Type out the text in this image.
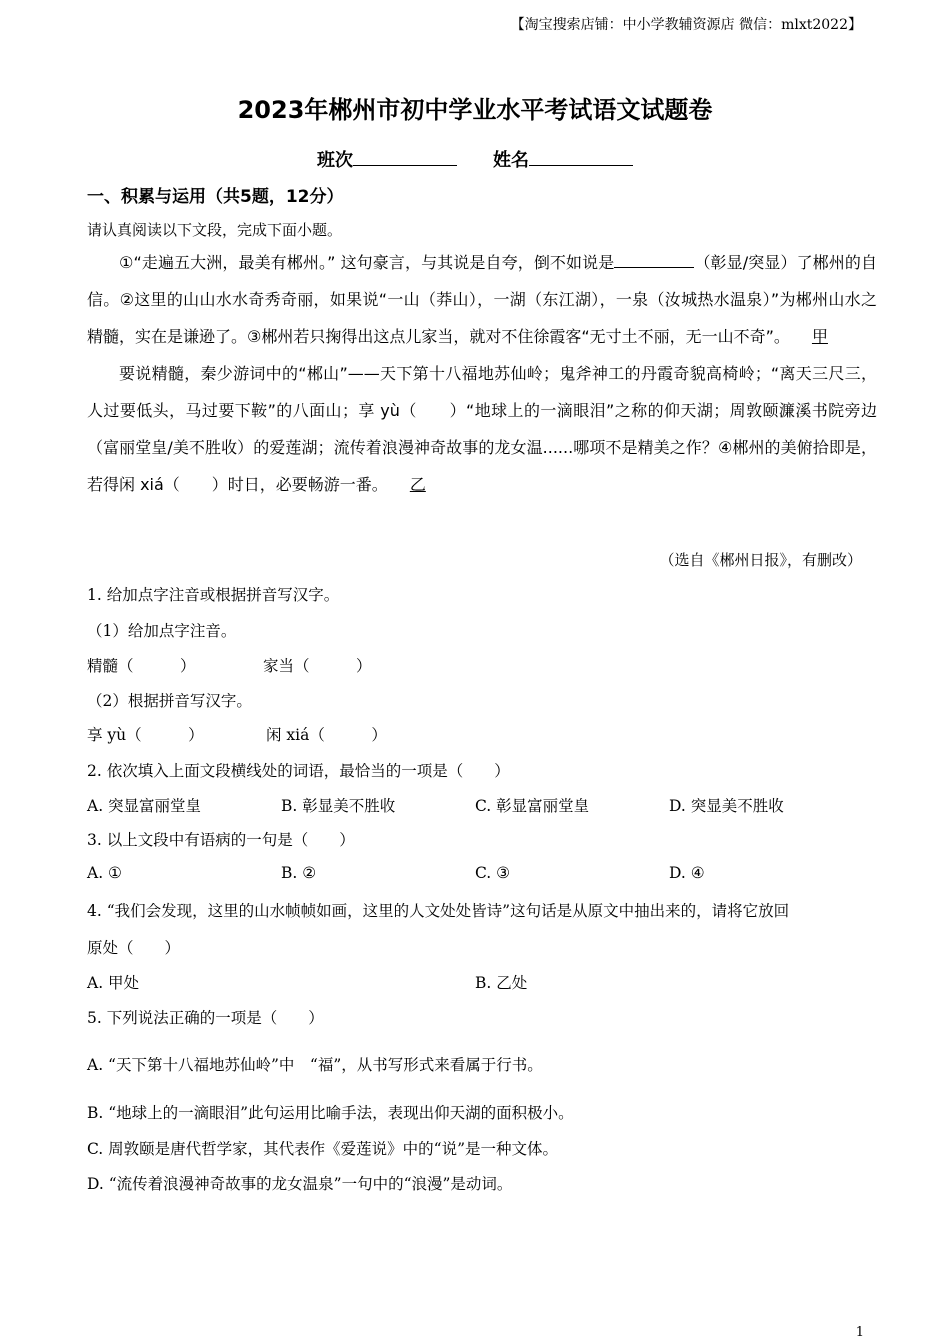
【淘宝搜索店铺：中小学教辅资源店 微信：mlxt2022】
2023年郴州市初中学业水平考试语文试题卷
班次	姓名
一、积累与运用（共5题，12分）
请认真阅读以下文段，完成下面小题。

①“走遍五大洲，最美有郴州。” 这句豪言，与其说是自夸，倒不如说是	（彰显/突显）了郴州的自信。②这里的山山水水奇秀奇丽，如果说“一山（莽山），一湖（东江湖），一泉（汝城热水温泉）”为郴州山水之精髓，实在是谦逊了。③郴州若只掬得出这点儿家当，就对不住徐霞客“无寸土不丽，无一山不奇”。 甲

要说精髓，秦少游词中的“郴山”——天下第十八福地苏仙岭；鬼斧神工的丹霞奇貌高椅岭；“离天三尺三，人过要低头，马过要下鞍”的八面山；享 yù（　　）“地球上的一滴眼泪”之称的仰天湖；周敦颐濂溪书院旁边（富丽堂皇/美不胜收）的爱莲湖；流传着浪漫神奇故事的龙女温......哪项不是精美之作？④郴州的美俯拾即是，若得闲 xiá（　　）时日，必要畅游一番。 乙

（选自《郴州日报》，有删改）
1. 给加点字注音或根据拼音写汉字。
（1）给加点字注音。
精髓（　　　）	家当（　　　）
（2）根据拼音写汉字。
享 yù（　　　）	闲 xiá（　　　）
2. 依次填入上面文段横线处的词语，最恰当的一项是（　　）
A. 突显富丽堂皇	B. 彰显美不胜收	C. 彰显富丽堂皇	D. 突显美不胜收
3. 以上文段中有语病的一句是（　　）
A. ①	B. ②	C. ③	D. ④
4. “我们会发现，这里的山水帧帧如画，这里的人文处处皆诗”这句话是从原文中抽出来的，请将它放回
原处（　　）
A. 甲处	B. 乙处
5. 下列说法正确的一项是（　　）
A. “天下第十八福地苏仙岭”中　“福”，从书写形式来看属于行书。
B. “地球上的一滴眼泪”此句运用比喻手法，表现出仰天湖的面积极小。
C. 周敦颐是唐代哲学家，其代表作《爱莲说》中的“说”是一种文体。
D. “流传着浪漫神奇故事的龙女温泉”一句中的“浪漫”是动词。
1
